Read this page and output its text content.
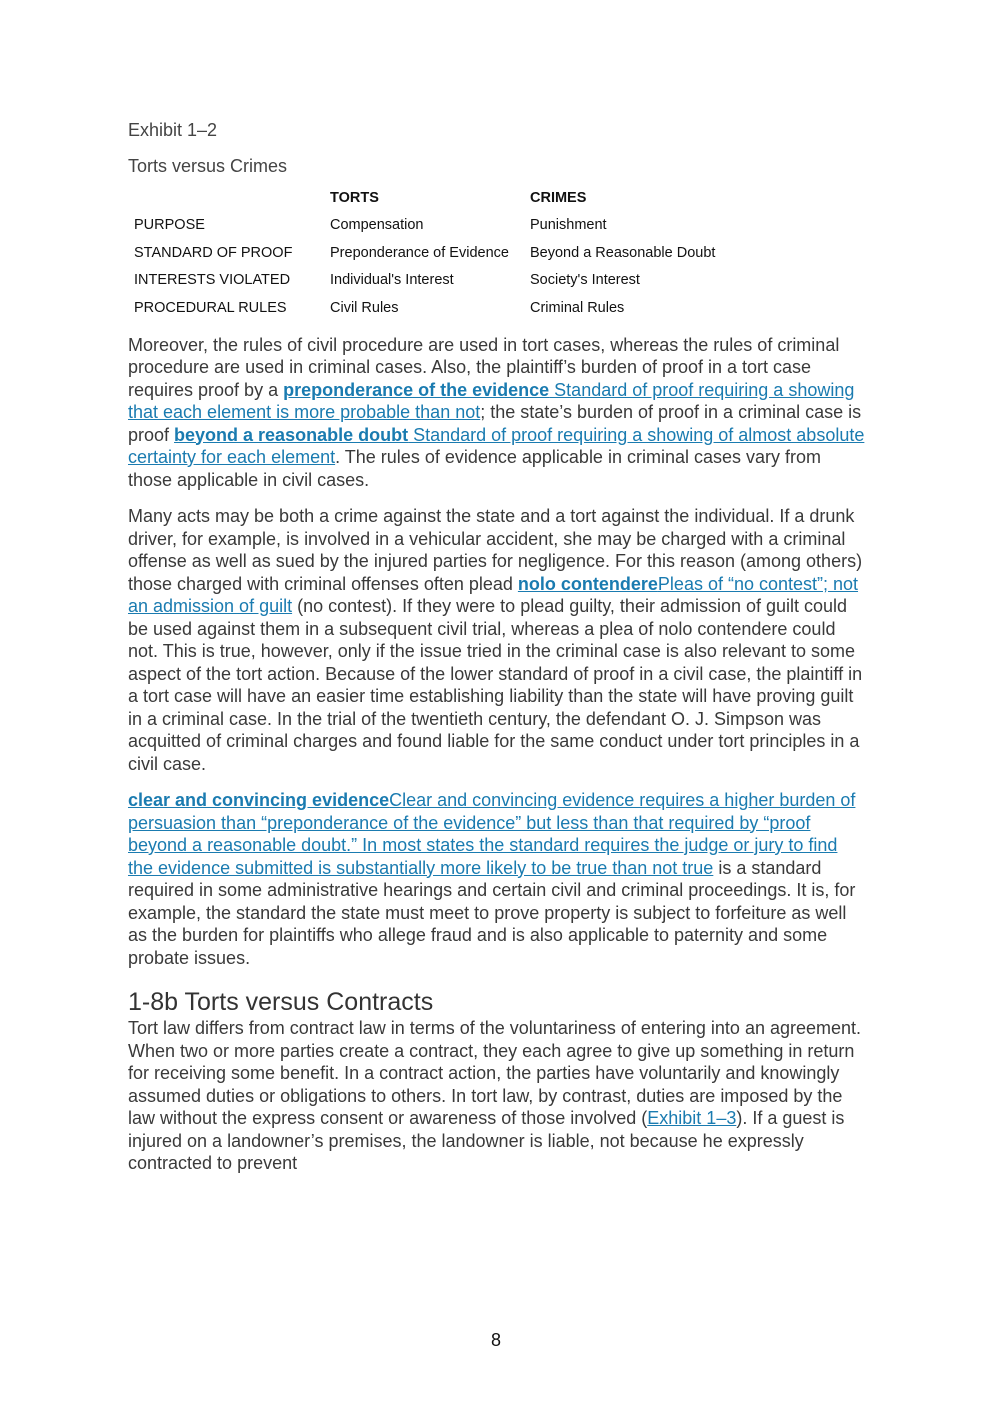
Exhibit 1–2
Torts versus Crimes
	TORTS	CRIMES
PURPOSE	Compensation	Punishment
STANDARD OF PROOF	Preponderance of Evidence	Beyond a Reasonable Doubt
INTERESTS VIOLATED	Individual's Interest	Society's Interest
PROCEDURAL RULES	Civil Rules	Criminal Rules

Moreover, the rules of civil procedure are used in tort cases, whereas the rules of criminal procedure are used in criminal cases. Also, the plaintiff’s burden of proof in a tort case requires proof by a preponderance of the evidence Standard of proof requiring a showing that each element is more probable than not; the state’s burden of proof in a criminal case is proof beyond a reasonable doubt Standard of proof requiring a showing of almost absolute certainty for each element. The rules of evidence applicable in criminal cases vary from those applicable in civil cases.

Many acts may be both a crime against the state and a tort against the individual. If a drunk driver, for example, is involved in a vehicular accident, she may be charged with a criminal offense as well as sued by the injured parties for negligence. For this reason (among others) those charged with criminal offenses often plead nolo contenderePleas of “no contest”; not an admission of guilt (no contest). If they were to plead guilty, their admission of guilt could be used against them in a subsequent civil trial, whereas a plea of nolo contendere could not. This is true, however, only if the issue tried in the criminal case is also relevant to some aspect of the tort action. Because of the lower standard of proof in a civil case, the plaintiff in a tort case will have an easier time establishing liability than the state will have proving guilt in a criminal case. In the trial of the twentieth century, the defendant O. J. Simpson was acquitted of criminal charges and found liable for the same conduct under tort principles in a civil case.

clear and convincing evidenceClear and convincing evidence requires a higher burden of persuasion than “preponderance of the evidence” but less than that required by “proof beyond a reasonable doubt.” In most states the standard requires the judge or jury to find the evidence submitted is substantially more likely to be true than not true is a standard required in some administrative hearings and certain civil and criminal proceedings. It is, for example, the standard the state must meet to prove property is subject to forfeiture as well as the burden for plaintiffs who allege fraud and is also applicable to paternity and some probate issues.

1-8b Torts versus Contracts

Tort law differs from contract law in terms of the voluntariness of entering into an agreement. When two or more parties create a contract, they each agree to give up something in return for receiving some benefit. In a contract action, the parties have voluntarily and knowingly assumed duties or obligations to others. In tort law, by contrast, duties are imposed by the law without the express consent or awareness of those involved (Exhibit 1–3). If a guest is injured on a landowner’s premises, the landowner is liable, not because he expressly contracted to prevent

8
